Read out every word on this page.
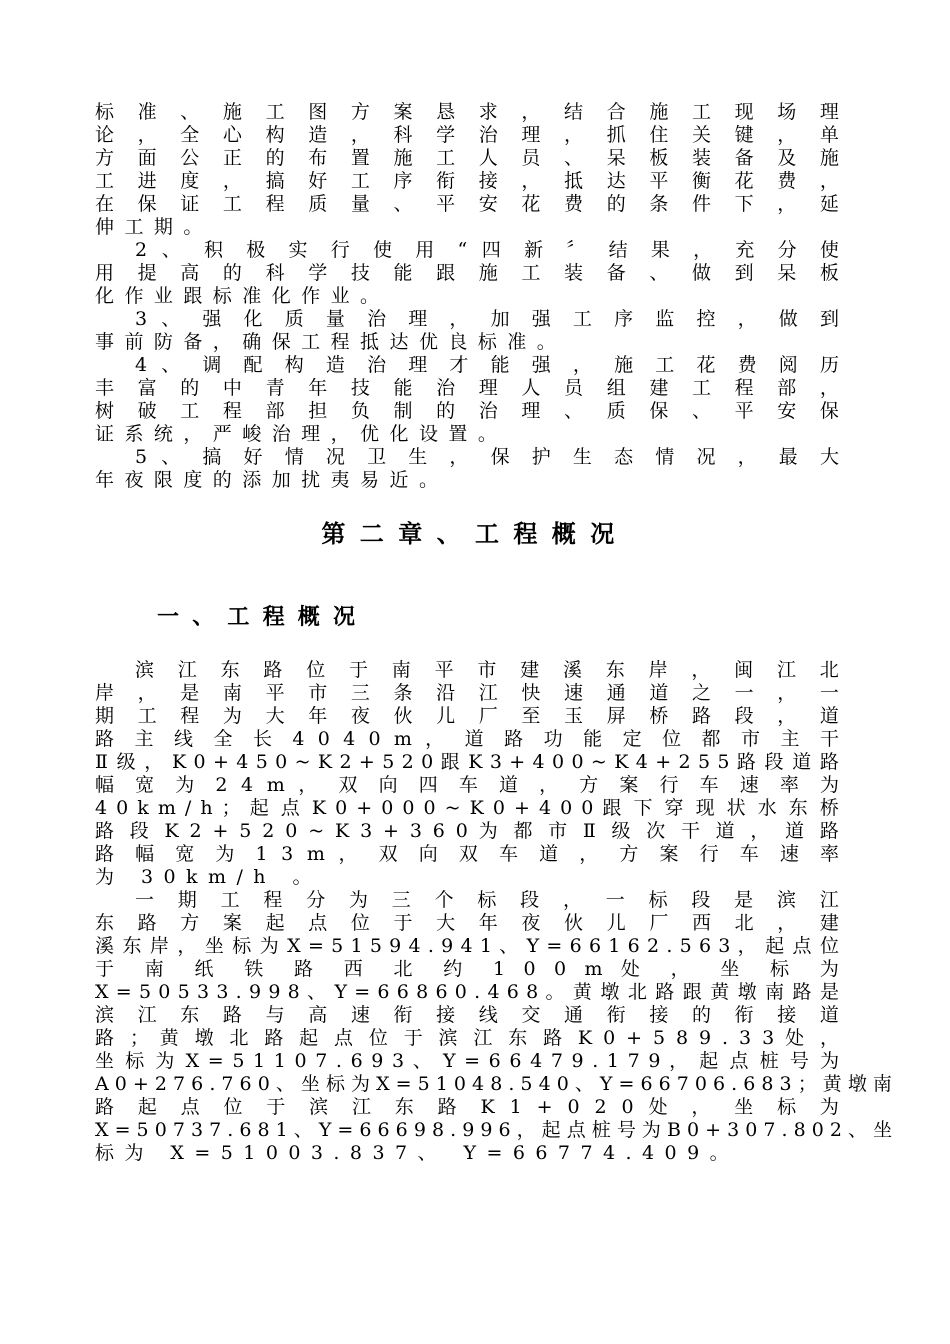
标 准 、 施 工 图 方 案 恳 求 ， 结 合 施 工 现 场 理
论 ， 全 心 构 造 ， 科 学 治 理 ， 抓 住 关 键 ， 单
方 面 公 正 的 布 置 施 工 人 员 、 呆 板 装 备 及 施
工 进 度 ， 搞 好 工 序 衔 接 ， 抵 达 平 衡 花 费 ，
在 保 证 工 程 质 量 、 平 安 花 费 的 条 件 下 ， 延
伸工期。
2 、 积 极 实 行 使 用 “ 四 新 〞 结 果 ， 充 分 使
用 提 高 的 科 学 技 能 跟 施 工 装 备 、 做 到 呆 板
化作业跟标准化作业。
3 、 强 化 质 量 治 理 ， 加 强 工 序 监 控 ， 做 到
事前防备，确保工程抵达优良标准。
4 、 调 配 构 造 治 理 才 能 强 ， 施 工 花 费 阅 历
丰 富 的 中 青 年 技 能 治 理 人 员 组 建 工 程 部 ，
树 破 工 程 部 担 负 制 的 治 理 、 质 保 、 平 安 保
证系统，严峻治理，优化设置。
5 、 搞 好 情 况 卫 生 ， 保 护 生 态 情 况 ， 最 大
年夜限度的添加扰夷易近。
第二章、工程概况
一、工程概况
滨 江 东 路 位 于 南 平 市 建 溪 东 岸 ， 闽 江 北
岸 ， 是 南 平 市 三 条 沿 江 快 速 通 道 之 一 ， 一
期 工 程 为 大 年 夜 伙 儿 厂 至 玉 屏 桥 路 段 ， 道
路 主 线 全 长 4 0 4 0 m ， 道 路 功 能 定 位 都 市 主 干
Ⅱ 级 ， K 0 + 4 5 0 ~ K 2 + 5 2 0 跟 K 3 + 4 0 0 ~ K 4 + 2 5 5 路 段 道 路
幅 宽 为 2 4 m ， 双 向 四 车 道 ， 方 案 行 车 速 率 为
4 0 k m / h ； 起 点 K 0 + 0 0 0 ~ K 0 + 4 0 0 跟 下 穿 现 状 水 东 桥
路 段 K 2 + 5 2 0 ~ K 3 + 3 6 0 为 都 市 Ⅱ 级 次 干 道 ， 道 路
路 幅 宽 为 1 3 m ， 双 向 双 车 道 ， 方 案 行 车 速 率
为 30km/h 。
一 期 工 程 分 为 三 个 标 段 ， 一 标 段 是 滨 江
东 路 方 案 起 点 位 于 大 年 夜 伙 儿 厂 西 北 ， 建
溪 东 岸 ， 坐 标 为 X = 5 1 5 9 4 . 9 4 1 、 Y = 6 6 1 6 2 . 5 6 3 ， 起 点 位
于 南 纸 铁 路 西 北 约 1 0 0 m 处 ， 坐 标 为
X = 5 0 5 3 3 . 9 9 8 、 Y = 6 6 8 6 0 . 4 6 8 。 黄 墩 北 路 跟 黄 墩 南 路 是
滨 江 东 路 与 高 速 衔 接 线 交 通 衔 接 的 衔 接 道
路 ； 黄 墩 北 路 起 点 位 于 滨 江 东 路 K 0 + 5 8 9 . 3 3 处 ，
坐 标 为 X = 5 1 1 0 7 . 6 9 3 、 Y = 6 6 4 7 9 . 1 7 9 ， 起 点 桩 号 为
A 0 + 2 7 6 . 7 6 0 、 坐 标 为 X = 5 1 0 4 8 . 5 4 0 、 Y = 6 6 7 0 6 . 6 8 3 ； 黄 墩 南
路 起 点 位 于 滨 江 东 路 K 1 + 0 2 0 处 ， 坐 标 为
X = 5 0 7 3 7 . 6 8 1 、 Y = 6 6 6 9 8 . 9 9 6 ， 起 点 桩 号 为 B 0 + 3 0 7 . 8 0 2 、 坐
标为 X=51003.837、 Y=66774.409。
